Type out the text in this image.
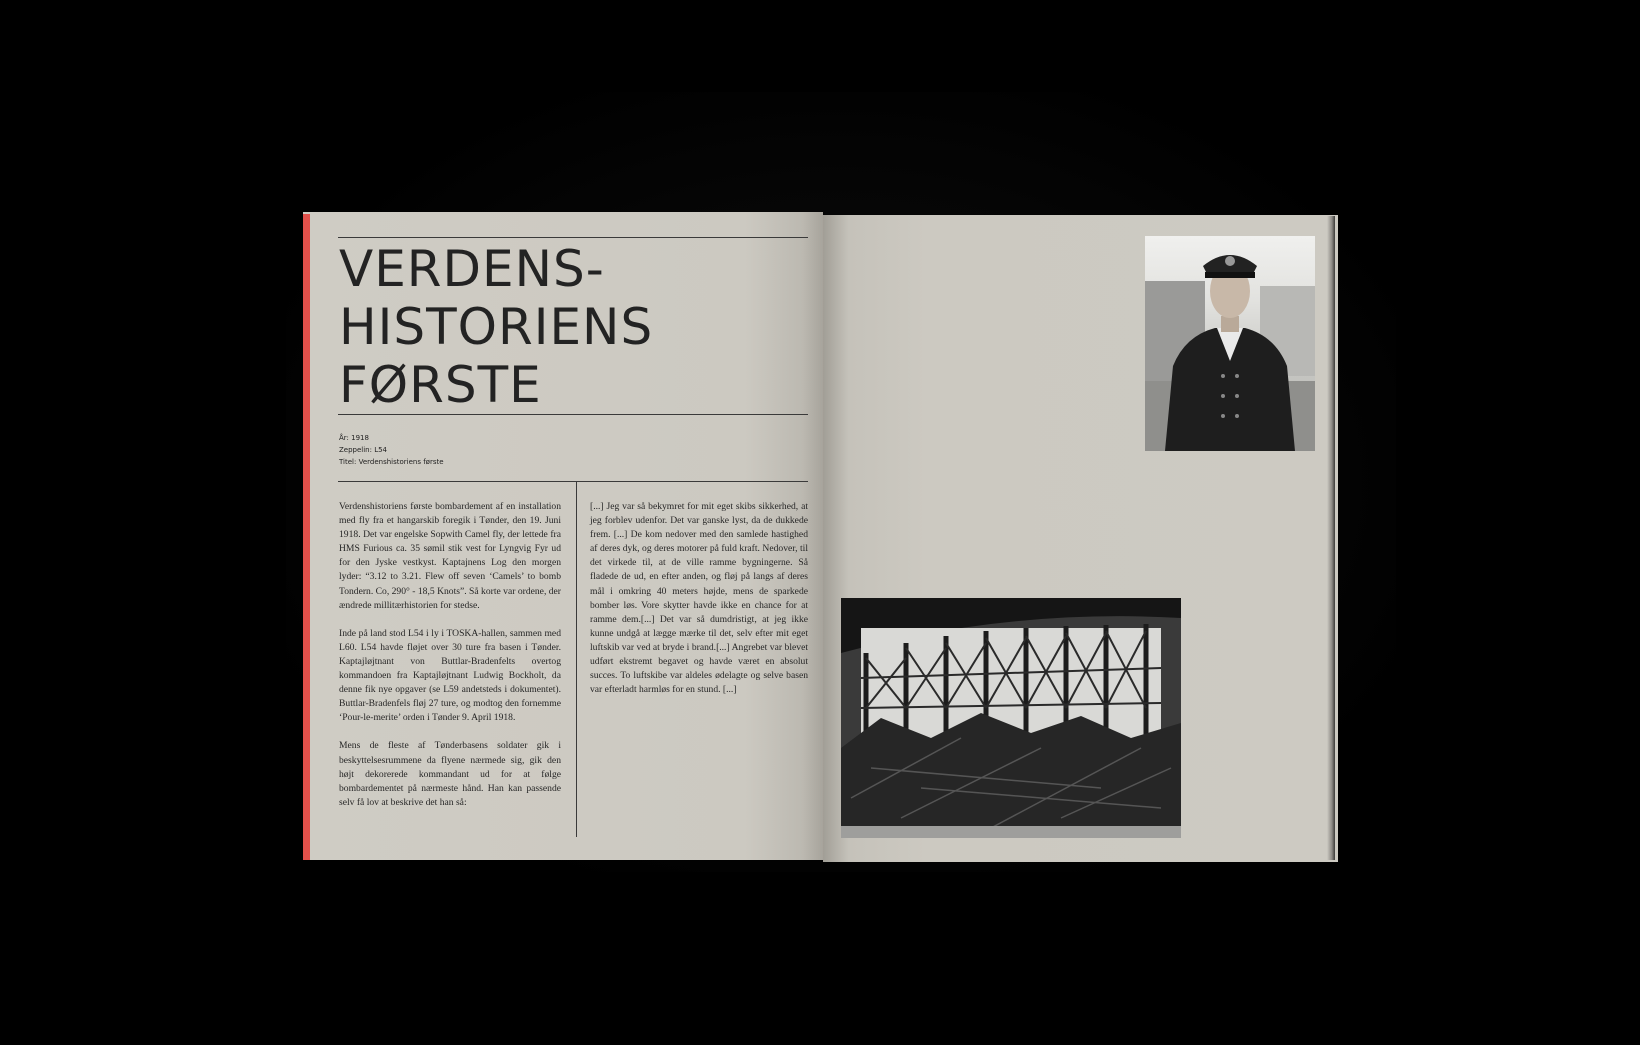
VERDENS-
HISTORIENS
FØRSTE
År: 1918
Zeppelin: L54
Titel: Verdenshistoriens første

Verdenshistoriens første bombardement af en installation med fly fra et hangarskib foregik i Tønder, den 19. Juni 1918. Det var engelske Sopwith Camel fly, der lettede fra HMS Furious ca. 35 sømil stik vest for Lyngvig Fyr ud for den Jyske vestkyst. Kaptajnens Log den morgen lyder: “3.12 to 3.21. Flew off seven ‘Camels’ to bomb Tondern. Co, 290° - 18,5 Knots”. Så korte var ordene, der ændrede millitærhistorien for stedse.

Inde på land stod L54 i ly i TOSKA-hallen, sammen med L60. L54 havde fløjet over 30 ture fra basen i Tønder. Kaptajløjtnant von Buttlar-Bradenfelts overtog kommandoen fra Kaptajløjtnant Ludwig Bockholt, da denne fik nye opgaver (se L59 andetsteds i dokumentet). Buttlar-Bradenfels fløj 27 ture, og modtog den fornemme ‘Pour-le-merite’ orden i Tønder 9. April 1918.

Mens de fleste af Tønderbasens soldater gik i beskyttelsesrummene da flyene nærmede sig, gik den højt dekorerede kommandant ud for at følge bombardementet på nærmeste hånd. Han kan passende selv få lov at beskrive det han så:

[...] Jeg var så bekymret for mit eget skibs sikkerhed, at jeg forblev udenfor. Det var ganske lyst, da de dukkede frem. [...] De kom nedover med den samlede hastighed af deres dyk, og deres motorer på fuld kraft. Nedover, til det virkede til, at de ville ramme bygningerne. Så fladede de ud, en efter anden, og fløj på langs af deres mål i omkring 40 meters højde, mens de sparkede bomber løs. Vore skytter havde ikke en chance for at ramme dem.[...] Det var så dumdristigt, at jeg ikke kunne undgå at lægge mærke til det, selv efter mit eget luftskib var ved at bryde i brand.[...] Angrebet var blevet udført ekstremt begavet og havde været en absolut succes. To luftskibe var aldeles ødelagte og selve basen var efterladt harmløs for en stund. [...]
